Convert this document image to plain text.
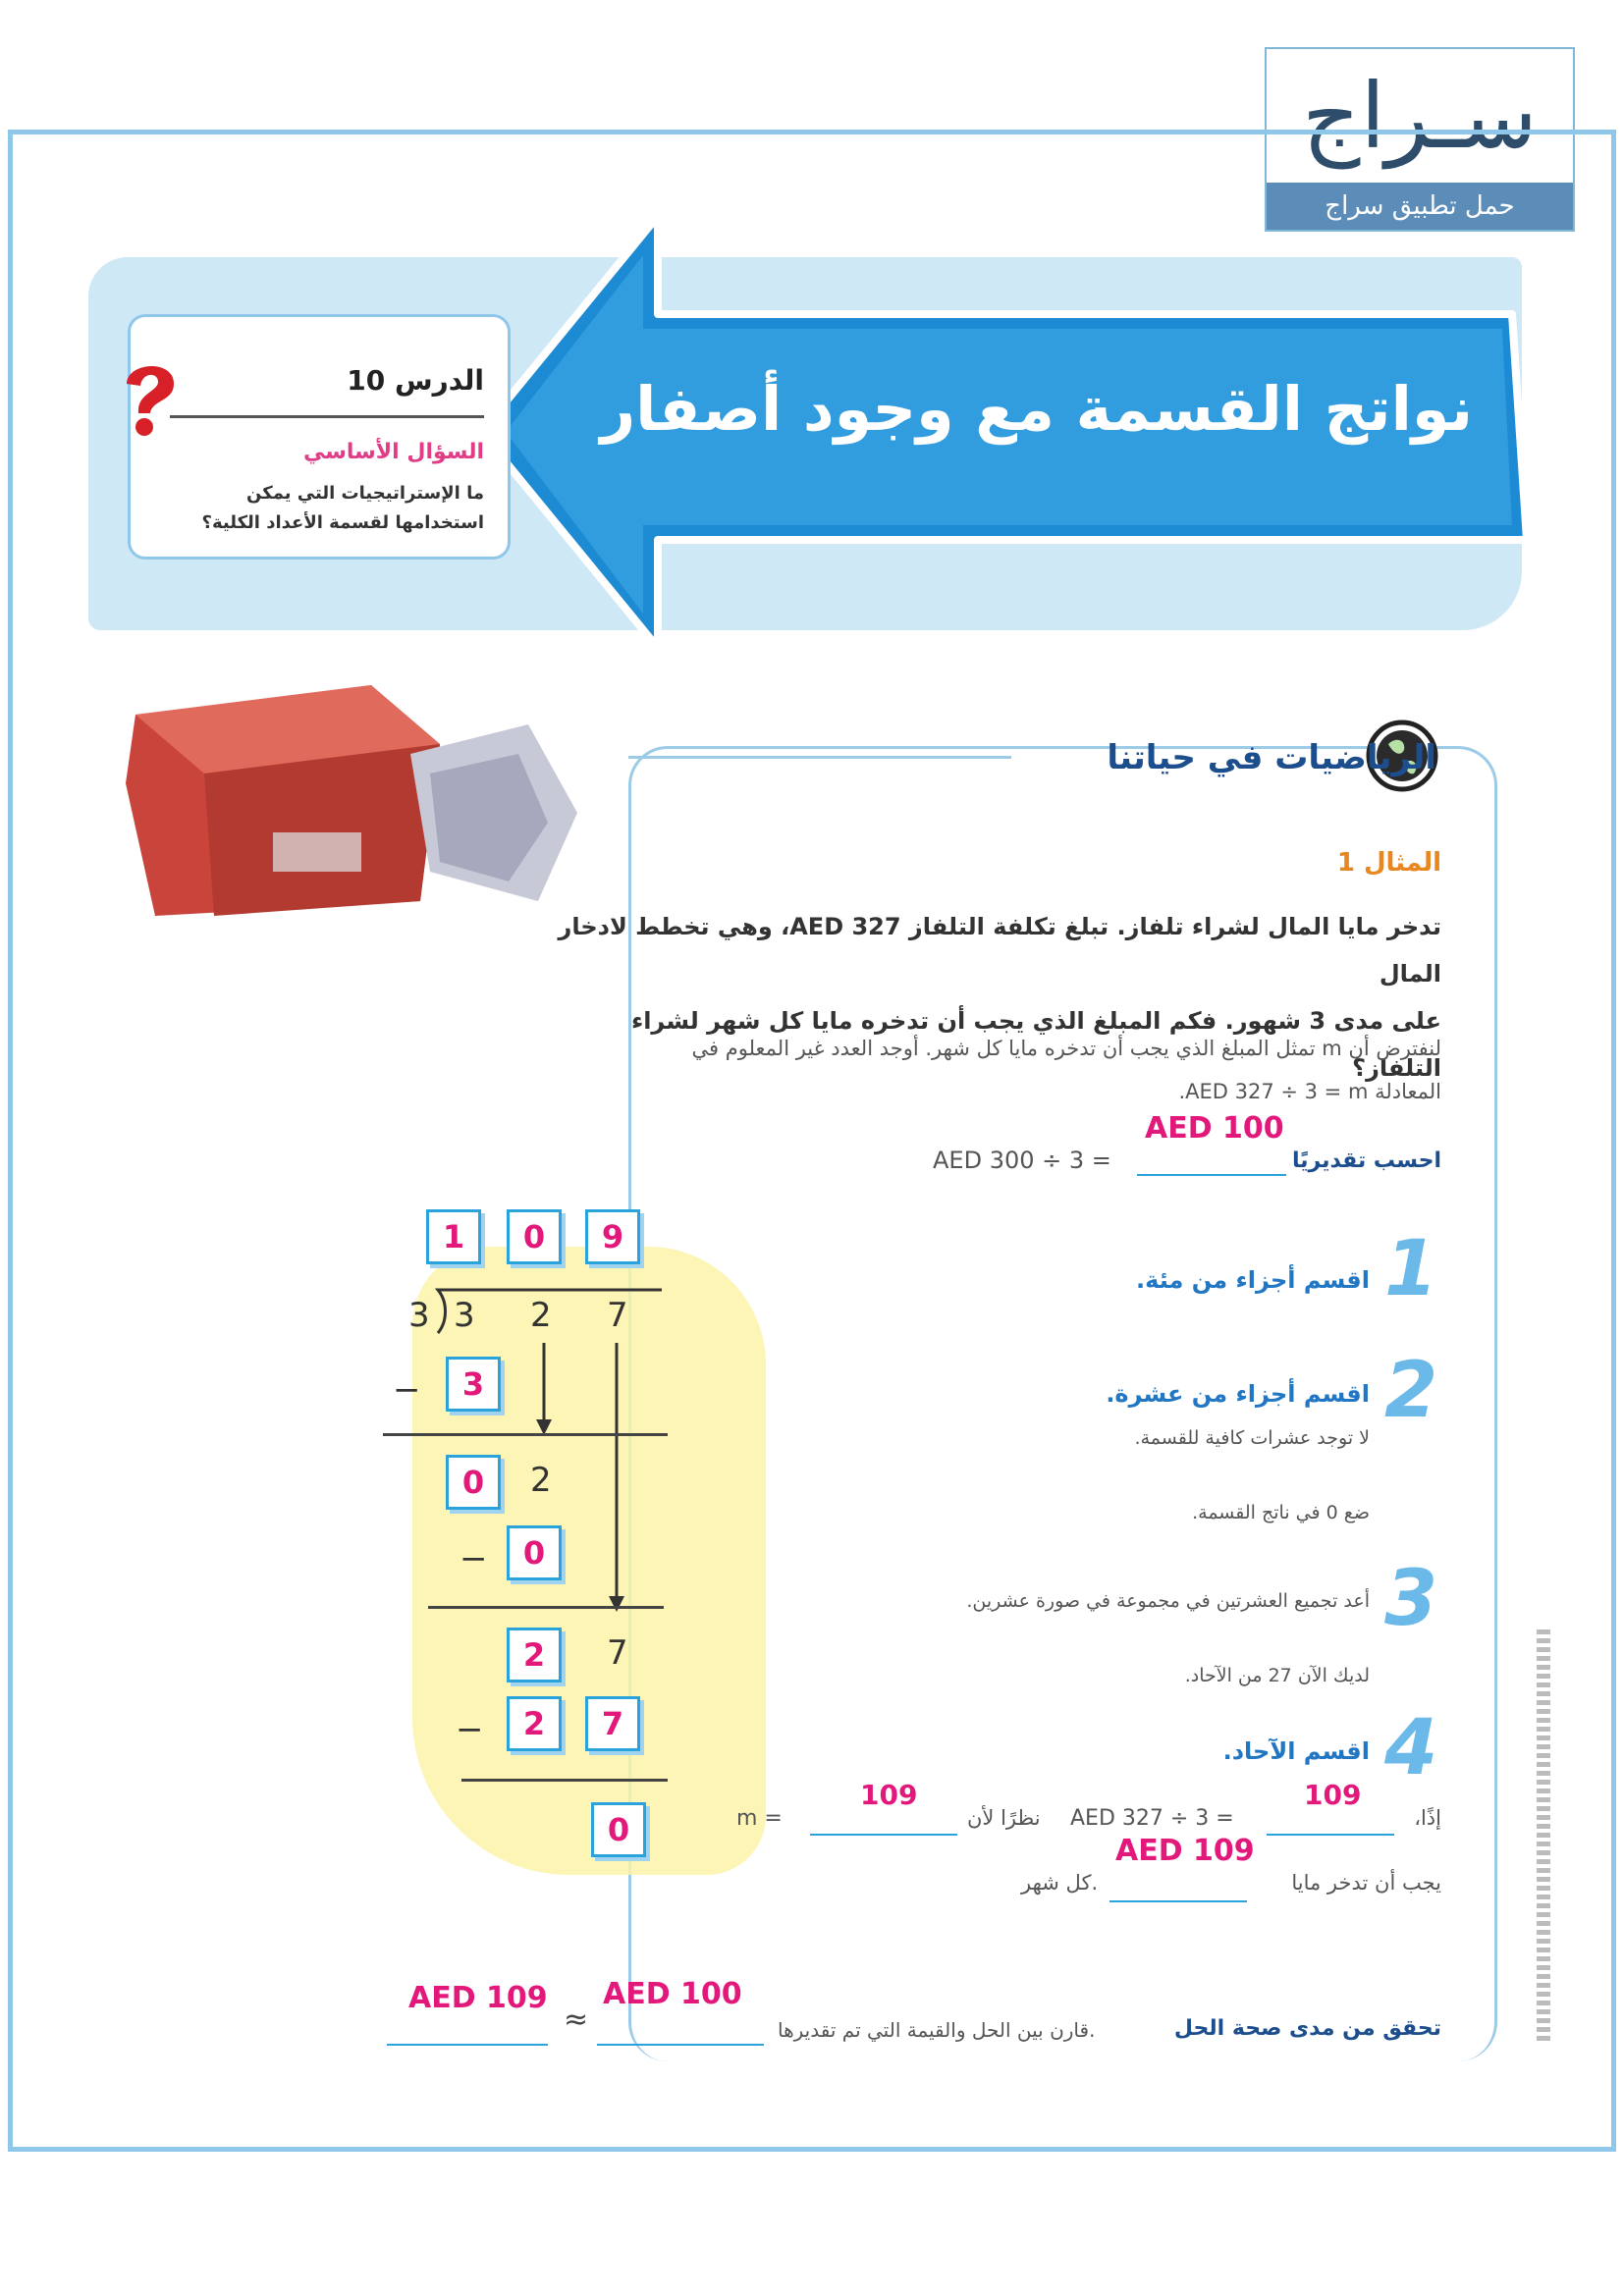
سـراج
حمل تطبيق سراج
نواتج القسمة مع وجود أصفار
الدرس 10
السؤال الأساسي
ما الإستراتيجيات التي يمكن استخدامها لقسمة الأعداد الكلية؟
الرياضيات في حياتنا
المثال 1
تدخر مايا المال لشراء تلفاز. تبلغ تكلفة التلفاز AED 327، وهي تخطط لادخار المال
على مدى 3 شهور. فكم المبلغ الذي يجب أن تدخره مايا كل شهر لشراء التلفاز؟
لنفترض أن m تمثل المبلغ الذي يجب أن تدخره مايا كل شهر. أوجد العدد غير المعلوم في
المعادلة AED 327 ÷ 3 = m.
احسب تقديريًا
AED 100
AED 300 ÷ 3 =
1	0	9
3 3 2 7
−	3
0	2
−	0
2	7
−	2	7
0
1
اقسم أجزاء من مئة.
2
اقسم أجزاء من عشرة.
لا توجد عشرات كافية للقسمة.
ضع 0 في ناتج القسمة.
3
أعد تجميع العشرتين في مجموعة في صورة عشرين.
لديك الآن 27 من الآحاد.
4
اقسم الآحاد.
m =
109
نظرًا لأن AED 327 ÷ 3 =
109
إذًا،
يجب أن تدخر مايا
AED 109
كل شهر.
تحقق من مدى صحة الحل
قارن بين الحل والقيمة التي تم تقديرها.
AED 109
≈
AED 100
